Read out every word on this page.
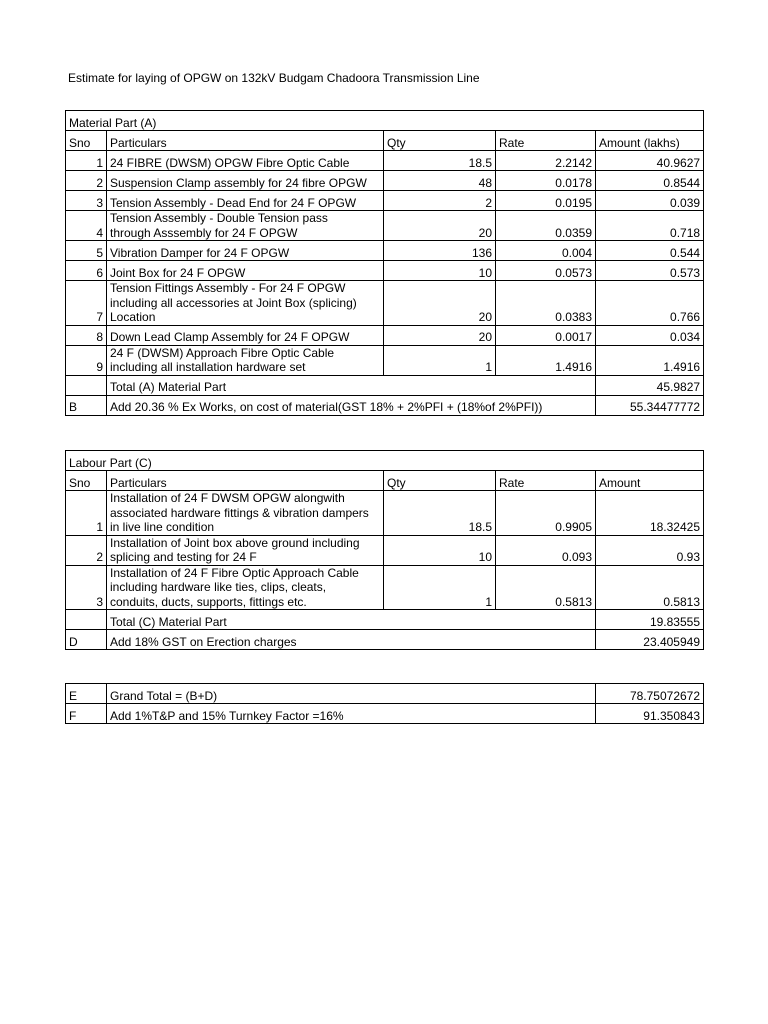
Estimate for laying of OPGW on 132kV Budgam Chadoora Transmission Line
Material Part (A)				
Sno	Particulars	Qty	Rate	Amount (lakhs)
1	24 FIBRE (DWSM) OPGW Fibre Optic Cable	18.5	2.2142	40.9627
2	Suspension Clamp assembly for 24 fibre OPGW	48	0.0178	0.8544
3	Tension Assembly - Dead End for 24 F OPGW	2	0.0195	0.039
4	Tension Assembly - Double Tension pass
through Asssembly for 24 F OPGW	20	0.0359	0.718
5	Vibration Damper for 24 F OPGW	136	0.004	0.544
6	Joint Box for 24 F OPGW	10	0.0573	0.573
7	Tension Fittings Assembly - For 24 F OPGW
including all accessories at Joint Box (splicing)
Location	20	0.0383	0.766
8	Down Lead Clamp Assembly for 24 F OPGW	20	0.0017	0.034
9	24 F (DWSM) Approach Fibre Optic Cable
including all installation hardware set	1	1.4916	1.4916
	Total (A) Material Part			45.9827
B	Add 20.36 % Ex Works, on cost of material(GST 18% + 2%PFI + (18%of 2%PFI))			55.34477772
Labour Part (C)				
Sno	Particulars	Qty	Rate	Amount
1	Installation of 24 F DWSM OPGW alongwith
associated hardware fittings & vibration dampers
in live line condition	18.5	0.9905	18.32425
2	Installation of Joint box above ground including
splicing and testing for 24 F	10	0.093	0.93
3	Installation of 24 F Fibre Optic Approach Cable
including hardware like ties, clips, cleats,
conduits, ducts, supports, fittings etc.	1	0.5813	0.5813
	Total (C) Material Part			19.83555
D	Add 18% GST on Erection charges			23.405949
E	Grand Total = (B+D)	78.75072672
F	Add 1%T&P and 15% Turnkey Factor =16%	91.350843
